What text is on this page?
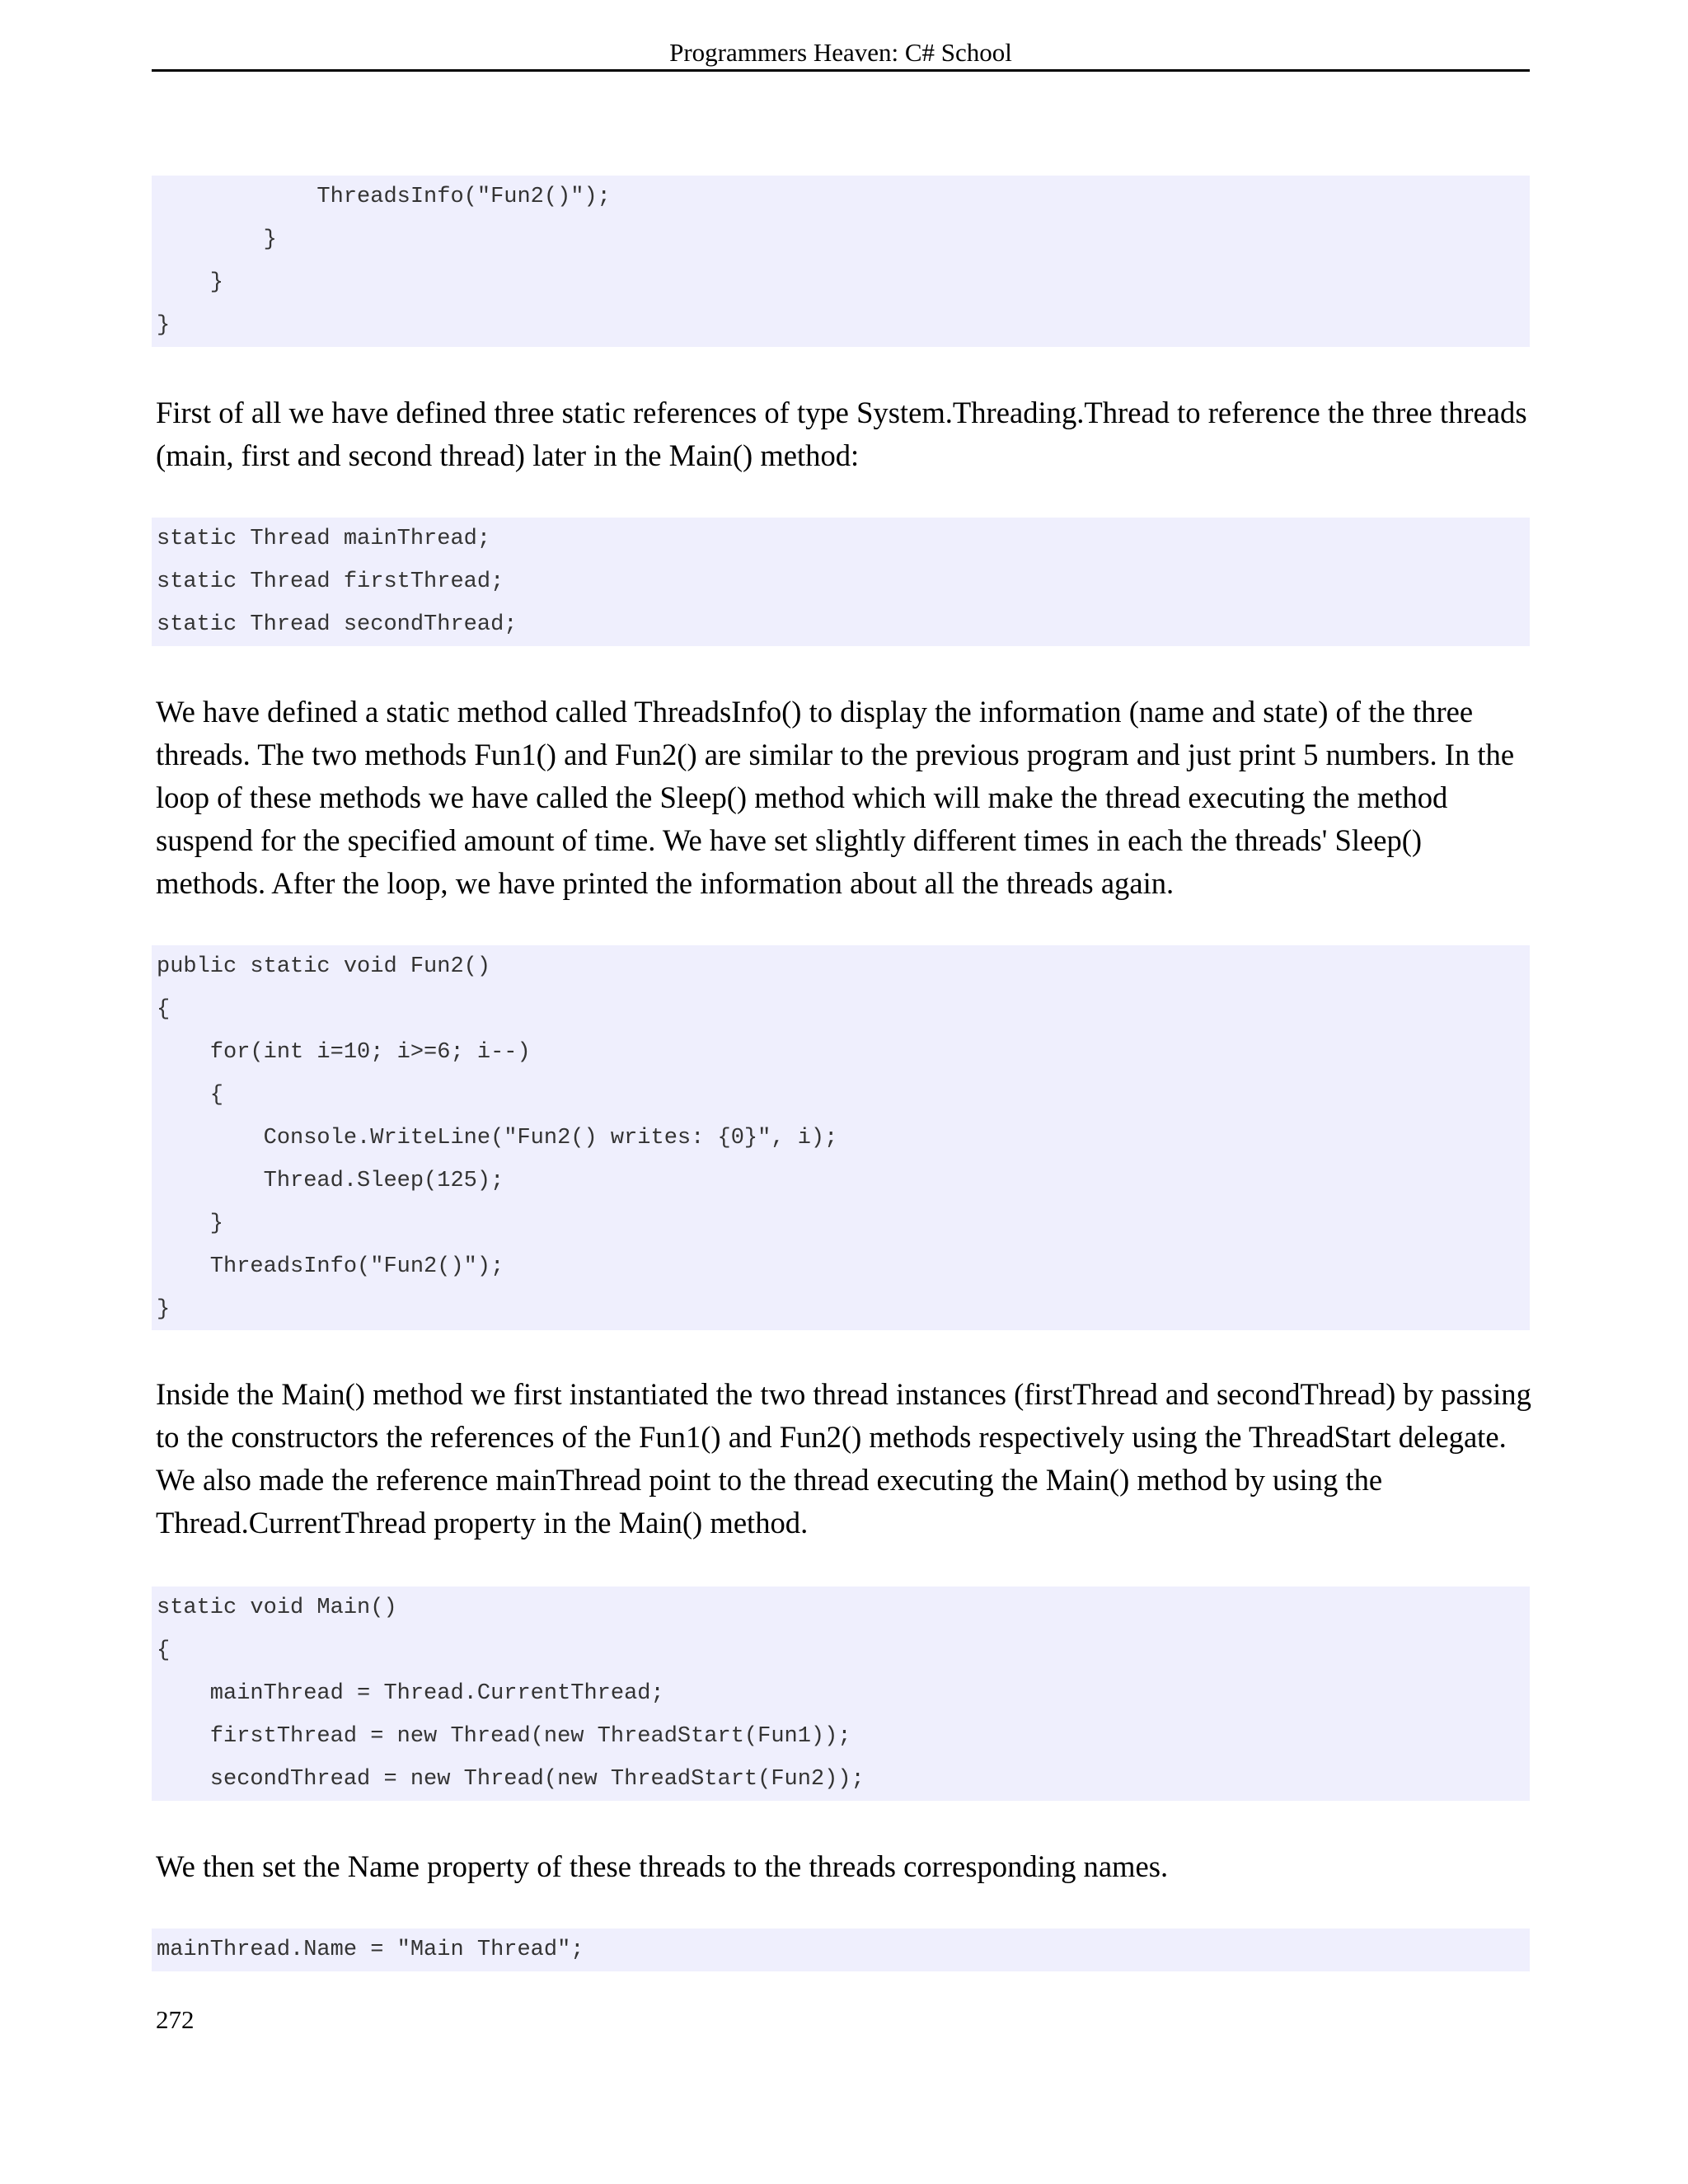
Programmers Heaven: C# School
ThreadsInfo("Fun2()");
}
}
}

First of all we have defined three static references of type System.Threading.Thread to reference the three threads (main, first and second thread) later in the Main() method:

static Thread mainThread;
static Thread firstThread;
static Thread secondThread;

We have defined a static method called ThreadsInfo() to display the information (name and state) of the three threads. The two methods Fun1() and Fun2() are similar to the previous program and just print 5 numbers. In the loop of these methods we have called the Sleep() method which will make the thread executing the method suspend for the specified amount of time. We have set slightly different times in each the threads' Sleep() methods. After the loop, we have printed the information about all the threads again.

public static void Fun2()
{
for(int i=10; i>=6; i--)
{
Console.WriteLine("Fun2() writes: {0}", i);
Thread.Sleep(125);
}
ThreadsInfo("Fun2()");
}

Inside the Main() method we first instantiated the two thread instances (firstThread and secondThread) by passing to the constructors the references of the Fun1() and Fun2() methods respectively using the ThreadStart delegate. We also made the reference mainThread point to the thread executing the Main() method by using the Thread.CurrentThread property in the Main() method.

static void Main()
{
mainThread = Thread.CurrentThread;
firstThread = new Thread(new ThreadStart(Fun1));
secondThread = new Thread(new ThreadStart(Fun2));

We then set the Name property of these threads to the threads corresponding names.

mainThread.Name = "Main Thread";
272
